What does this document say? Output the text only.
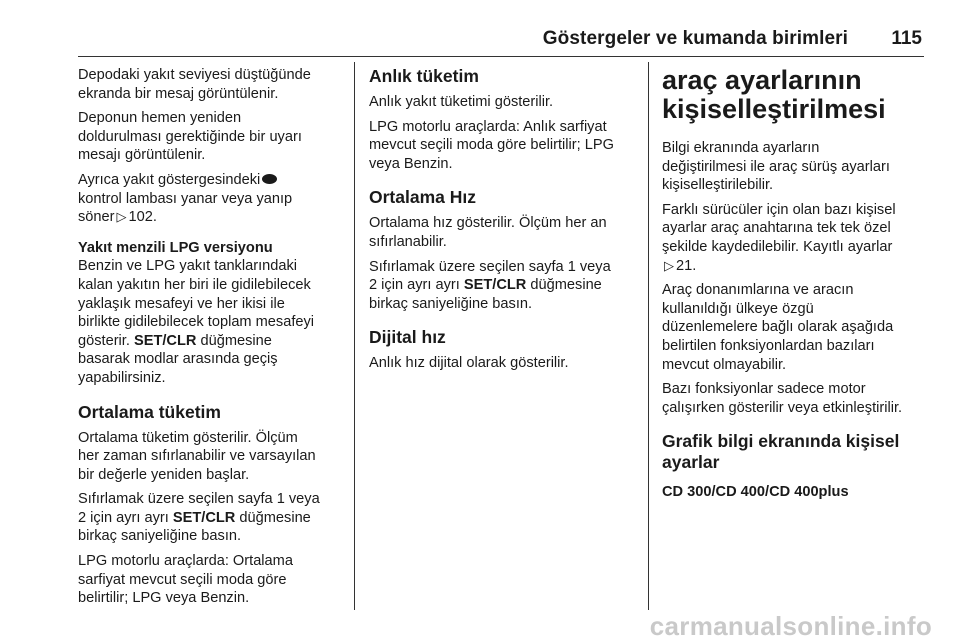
Göstergeler ve kumanda birimleri 115

Depodaki yakıt seviyesi düştüğünde
ekranda bir mesaj görüntülenir.

Deponun hemen yeniden
doldurulması gerektiğinde bir uyarı
mesajı görüntülenir.

Ayrıca yakıt göstergesindeki
kontrol lambası yanar veya yanıp
söner ▷ 102.

Yakıt menzili LPG versiyonu

Benzin ve LPG yakıt tanklarındaki
kalan yakıtın her biri ile gidilebilecek
yaklaşık mesafeyi ve her ikisi ile
birlikte gidilebilecek toplam mesafeyi
gösterir. SET/CLR düğmesine
basarak modlar arasında geçiş
yapabilirsiniz.

Ortalama tüketim

Ortalama tüketim gösterilir. Ölçüm
her zaman sıfırlanabilir ve varsayılan
bir değerle yeniden başlar.

Sıfırlamak üzere seçilen sayfa 1 veya
2 için ayrı ayrı SET/CLR düğmesine
birkaç saniyeliğine basın.

LPG motorlu araçlarda: Ortalama
sarfiyat mevcut seçili moda göre
belirtilir; LPG veya Benzin.

Anlık tüketim

Anlık yakıt tüketimi gösterilir.

LPG motorlu araçlarda: Anlık sarfiyat
mevcut seçili moda göre belirtilir; LPG
veya Benzin.

Ortalama Hız

Ortalama hız gösterilir. Ölçüm her an
sıfırlanabilir.

Sıfırlamak üzere seçilen sayfa 1 veya
2 için ayrı ayrı SET/CLR düğmesine
birkaç saniyeliğine basın.

Dijital hız

Anlık hız dijital olarak gösterilir.

araç ayarlarının
kişiselleştirilmesi

Bilgi ekranında ayarların
değiştirilmesi ile araç sürüş ayarları
kişiselleştirilebilir.

Farklı sürücüler için olan bazı kişisel
ayarlar araç anahtarına tek tek özel
şekilde kaydedilebilir. Kayıtlı ayarlar
▷ 21.

Araç donanımlarına ve aracın
kullanıldığı ülkeye özgü
düzenlemelere bağlı olarak aşağıda
belirtilen fonksiyonlardan bazıları
mevcut olmayabilir.

Bazı fonksiyonlar sadece motor
çalışırken gösterilir veya etkinleştirilir.

Grafik bilgi ekranında kişisel
ayarlar
CD 300/CD 400/CD 400plus
carmanualsonline.info
